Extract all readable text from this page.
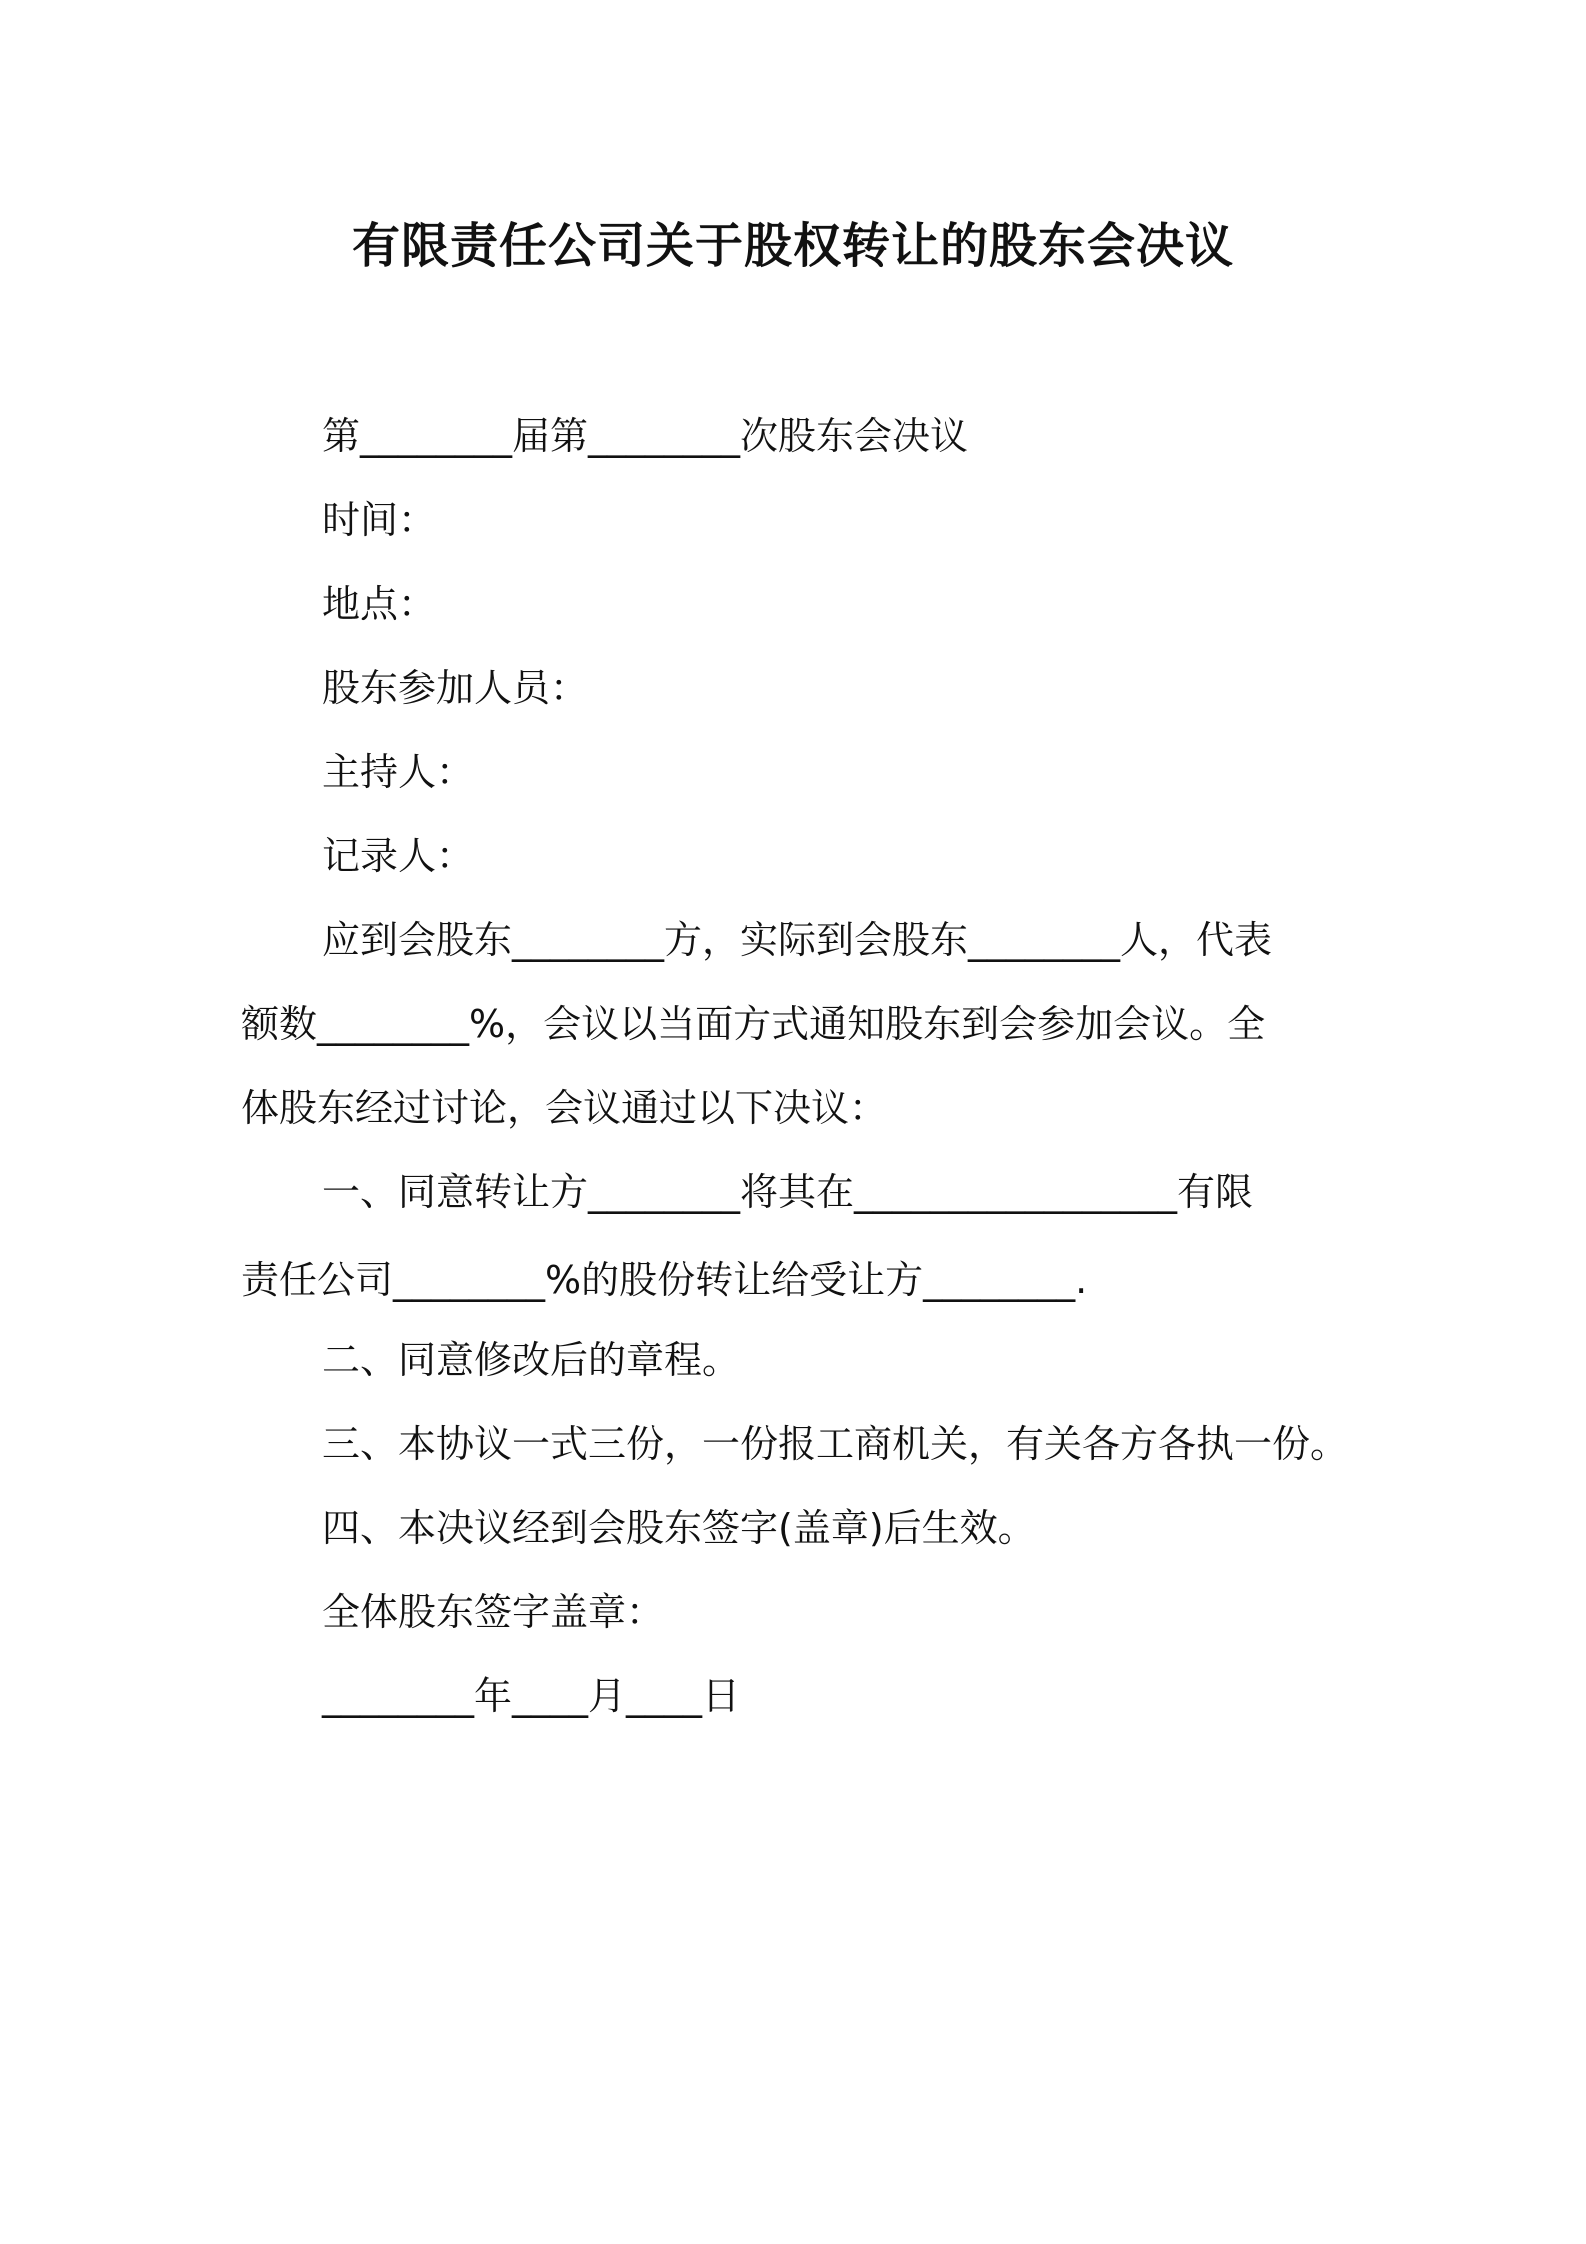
有限责任公司关于股权转让的股东会决议
第________届第________次股东会决议
时间：
地点：
股东参加人员：
主持人：
记录人：
应到会股东________方，实际到会股东________人，代表
额数________%，会议以当面方式通知股东到会参加会议。全
体股东经过讨论，会议通过以下决议：
一、同意转让方________将其在_________________有限
责任公司________%的股份转让给受让方________.
二、同意修改后的章程。
三、本协议一式三份，一份报工商机关，有关各方各执一份。
四、本决议经到会股东签字(盖章)后生效。
全体股东签字盖章：
________年____月____日
